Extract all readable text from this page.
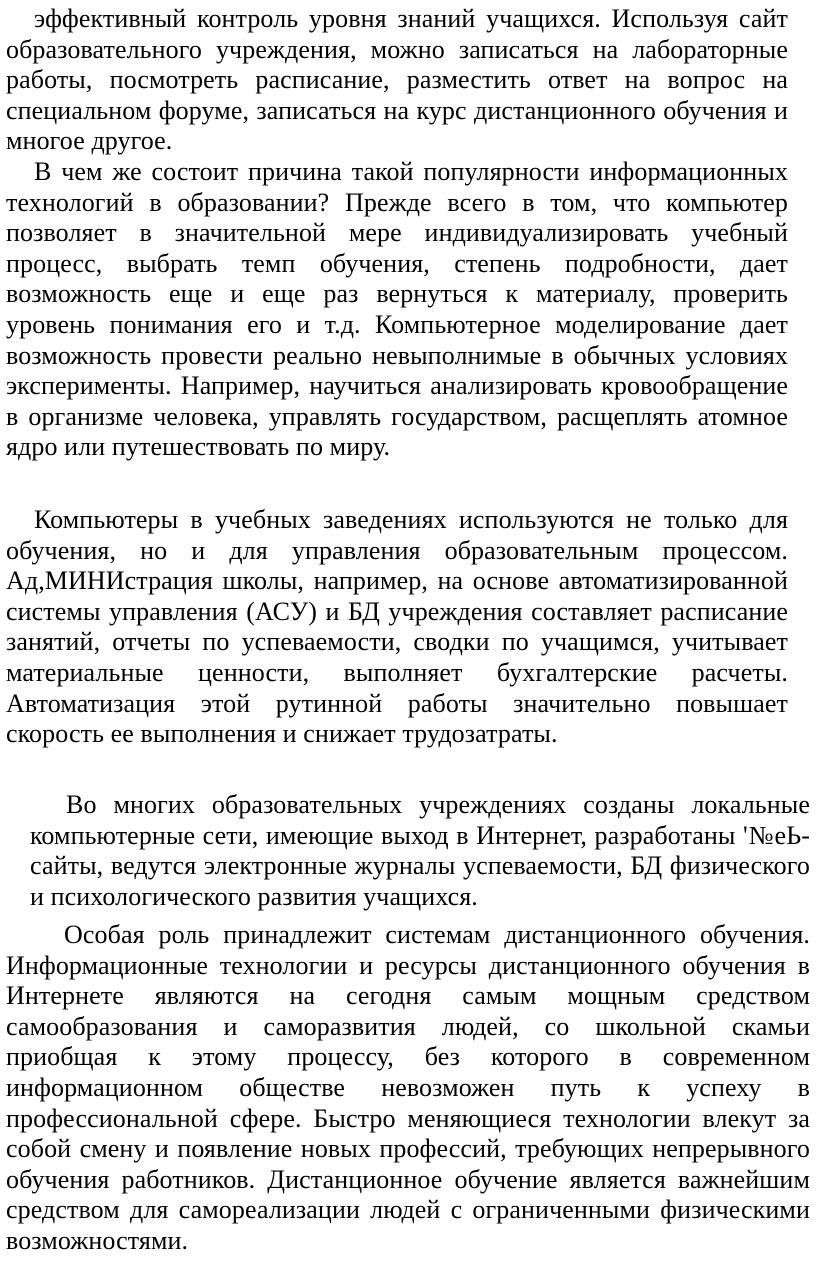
эффективный контроль уровня знаний учащихся. Используя сайт образовательного учреждения, можно записаться на лабораторные работы, посмотреть расписание, разместить ответ на вопрос на специальном форуме, записаться на курс дистанционного обучения и многое другое.

В чем же состоит причина такой популярности информационных технологий в образовании? Прежде всего в том, что компьютер позволяет в значительной мере индивидуализировать учебный процесс, выбрать темп обучения, степень подробности, дает возможность еще и еще раз вернуться к материалу, проверить уровень понимания его и т.д. Компьютерное моделирование дает возможность провести реально невыполнимые в обычных условиях эксперименты. Например, научиться анализировать кровообращение в организме человека, управлять государством, расщеплять атомное ядро или путешествовать по миру.

Компьютеры в учебных заведениях используются не только для обучения, но и для управления образовательным процессом. Ад,МИНИстрация школы, например, на основе автоматизированной системы управления (АСУ) и БД учреждения составляет расписание занятий, отчеты по успеваемости, сводки по учащимся, учитывает материальные ценности, выполняет бухгалтерские расчеты. Автоматизация этой рутинной работы значительно повышает скорость ее выполнения и снижает трудозатраты.

Во многих образовательных учреждениях созданы локальные компьютерные сети, имеющие выход в Интернет, разработаны '№еЬ-сайты, ведутся электронные журналы успеваемости, БД физического и психологического развития учащихся.

Особая роль принадлежит системам дистанционного обучения. Информационные технологии и ресурсы дистанционного обучения в Интернете являются на сегодня самым мощным средством самообразования и саморазвития людей, со школьной скамьи приобщая к этому процессу, без которого в современном информационном обществе невозможен путь к успеху в профессиональной сфере. Быстро меняющиеся технологии влекут за собой смену и появление новых профессий, требующих непрерывного обучения работников. Дистанционное обучение является важнейшим средством для самореализации людей с ограниченными физическими возможностями.
